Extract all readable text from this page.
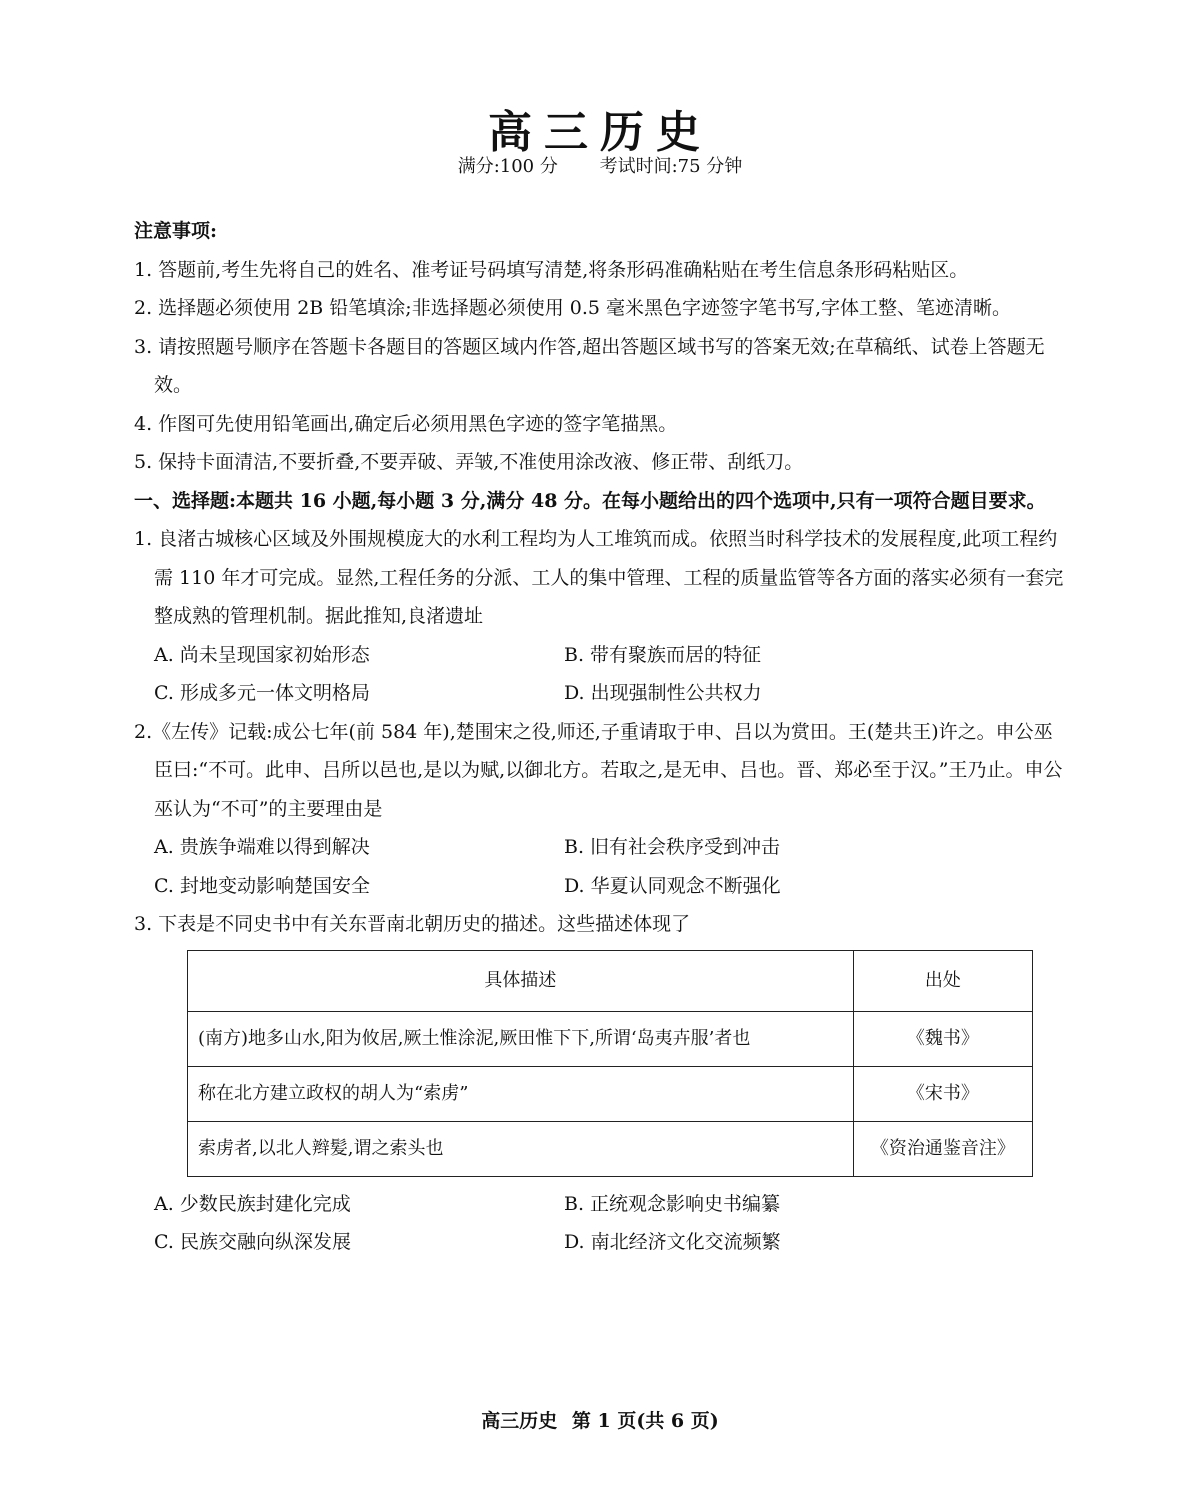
高三历史
满分:100 分 考试时间:75 分钟
注意事项:
1. 答题前,考生先将自己的姓名、准考证号码填写清楚,将条形码准确粘贴在考生信息条形码粘贴区。
2. 选择题必须使用 2B 铅笔填涂;非选择题必须使用 0.5 毫米黑色字迹签字笔书写,字体工整、笔迹清晰。
3. 请按照题号顺序在答题卡各题目的答题区域内作答,超出答题区域书写的答案无效;在草稿纸、试卷上答题无效。
4. 作图可先使用铅笔画出,确定后必须用黑色字迹的签字笔描黑。
5. 保持卡面清洁,不要折叠,不要弄破、弄皱,不准使用涂改液、修正带、刮纸刀。
一、选择题:本题共 16 小题,每小题 3 分,满分 48 分。在每小题给出的四个选项中,只有一项符合题目要求。
1. 良渚古城核心区域及外围规模庞大的水利工程均为人工堆筑而成。依照当时科学技术的发展程度,此项工程约需 110 年才可完成。显然,工程任务的分派、工人的集中管理、工程的质量监管等各方面的落实必须有一套完整成熟的管理机制。据此推知,良渚遗址
A. 尚未呈现国家初始形态	B. 带有聚族而居的特征
C. 形成多元一体文明格局	D. 出现强制性公共权力
2.《左传》记载:成公七年(前 584 年),楚围宋之役,师还,子重请取于申、吕以为赏田。王(楚共王)许之。申公巫臣曰:“不可。此申、吕所以邑也,是以为赋,以御北方。若取之,是无申、吕也。晋、郑必至于汉。”王乃止。申公巫认为“不可”的主要理由是
A. 贵族争端难以得到解决	B. 旧有社会秩序受到冲击
C. 封地变动影响楚国安全	D. 华夏认同观念不断强化
3. 下表是不同史书中有关东晋南北朝历史的描述。这些描述体现了
具体描述	出处
(南方)地多山水,阳为攸居,厥土惟涂泥,厥田惟下下,所谓‘岛夷卉服’者也	《魏书》
称在北方建立政权的胡人为“索虏”	《宋书》
索虏者,以北人辫髪,谓之索头也	《资治通鉴音注》
A. 少数民族封建化完成	B. 正统观念影响史书编纂
C. 民族交融向纵深发展	D. 南北经济文化交流频繁
高三历史 第 1 页(共 6 页)
